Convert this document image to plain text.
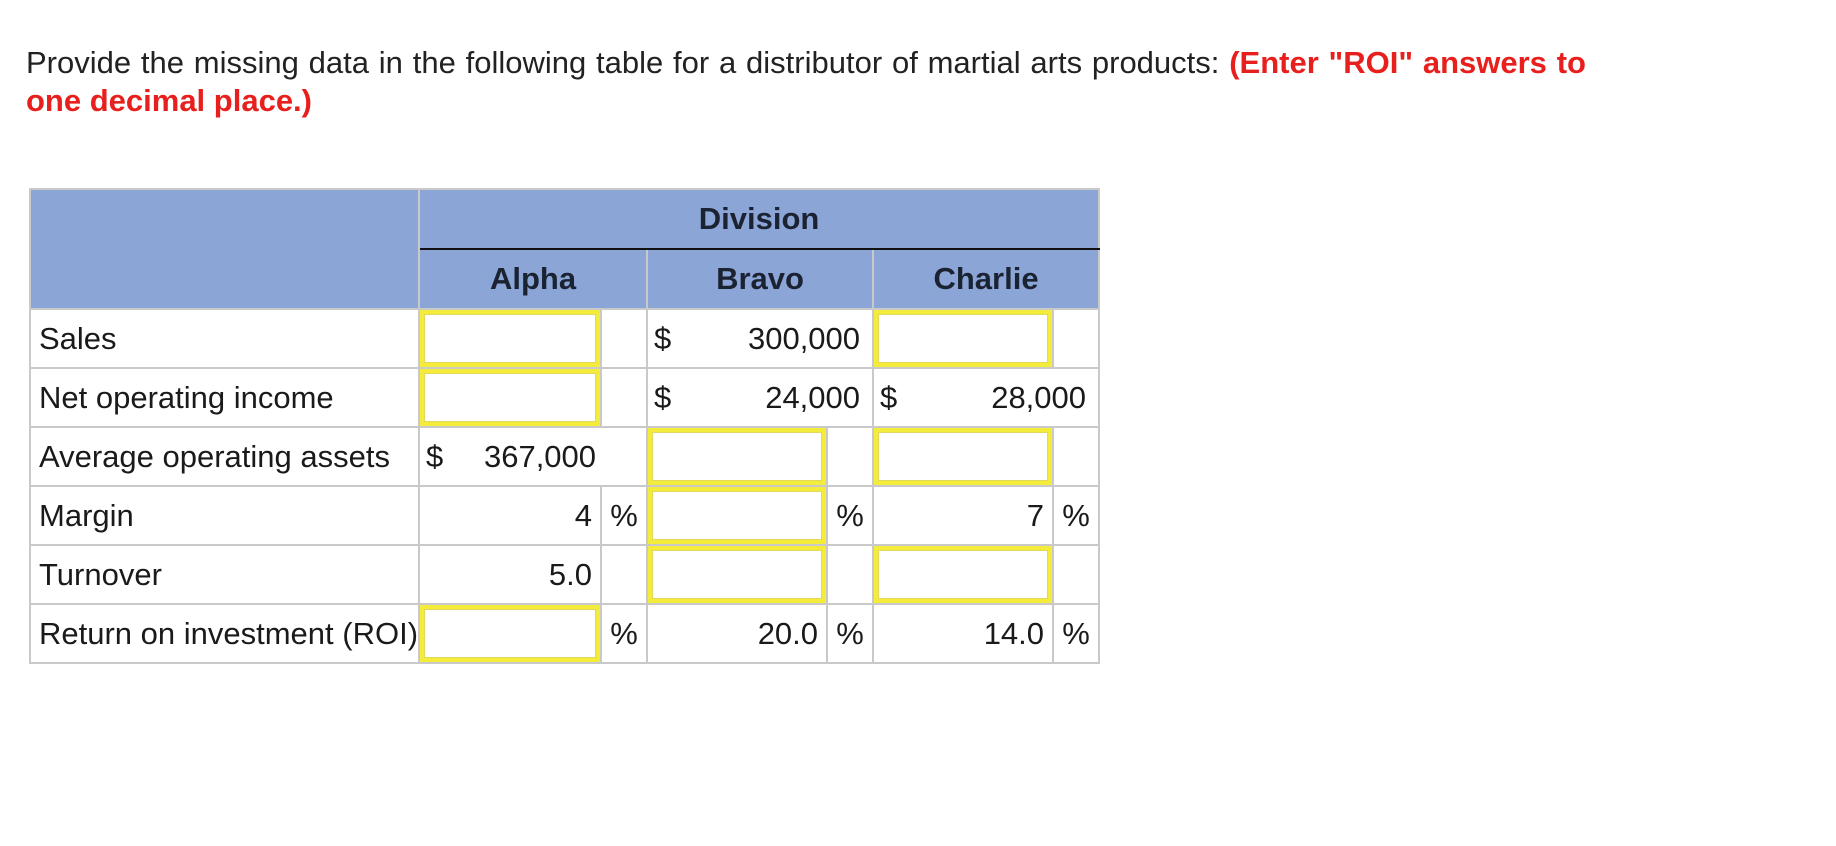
Provide the missing data in the following table for a distributor of martial arts products: (Enter "ROI" answers to one decimal place.)
	Division					
	Alpha		Bravo		Charlie	
Sales			$ 300,000	

Net operating income			$ 24,000		$ 28,000	
Average operating assets	$ 367,000	

Margin	4	%		%	7	%
Turnover	5.0		

Return on investment (ROI)		%	20.0	%	14.0	%
